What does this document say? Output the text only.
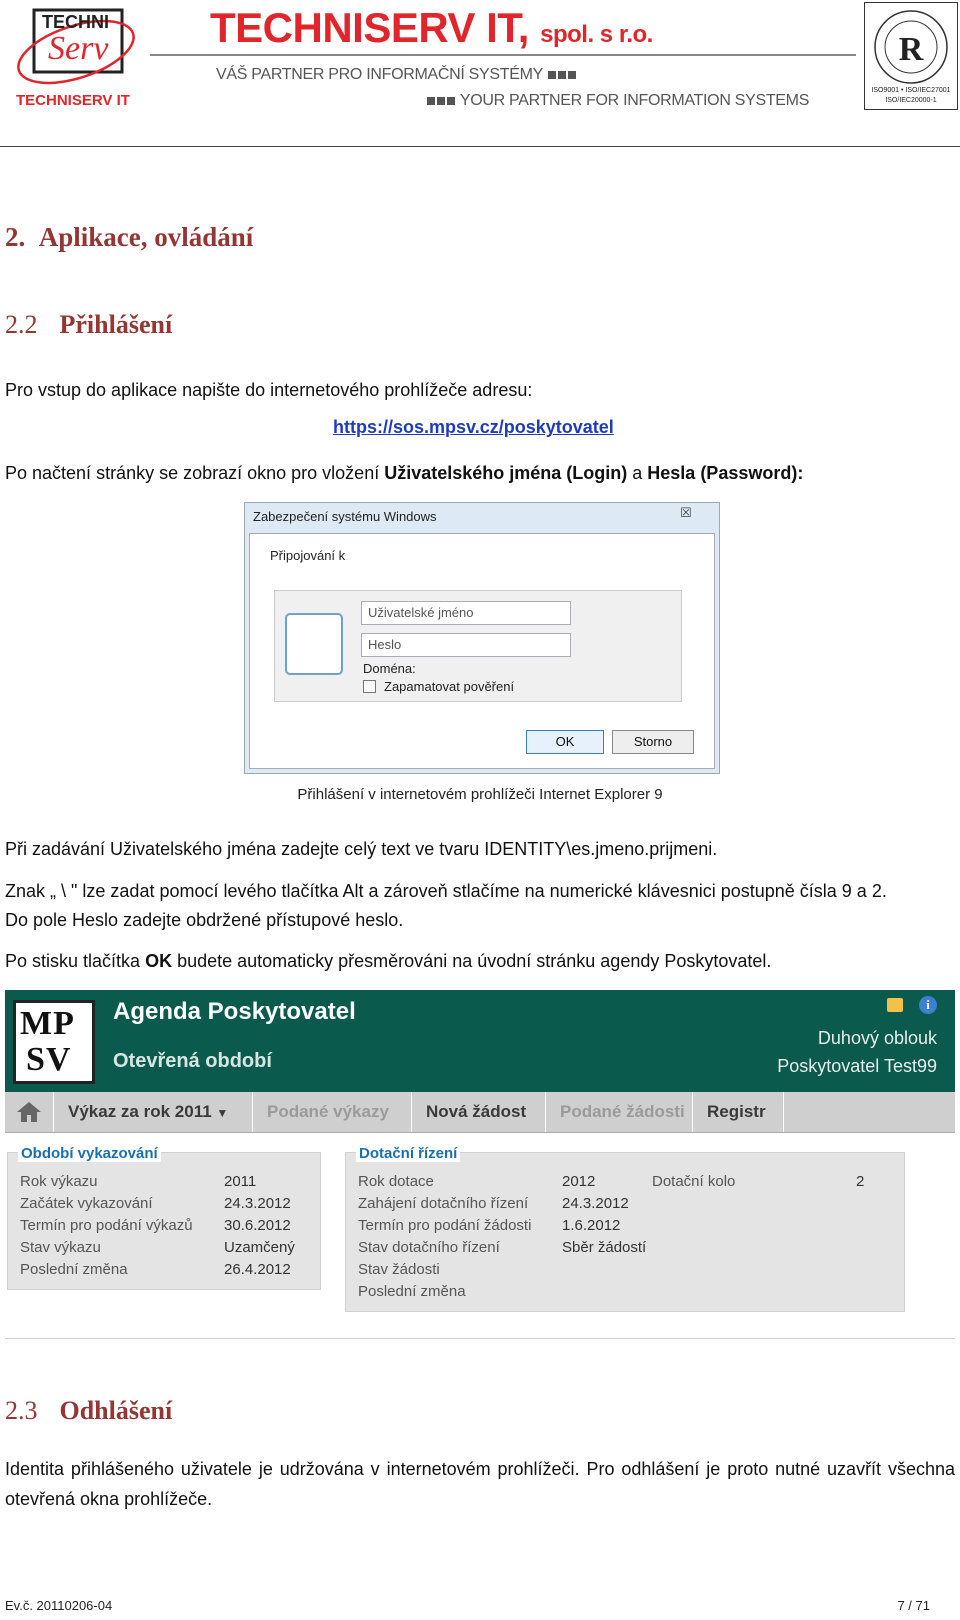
TECHNI
Serv
TECHNISERV IT
TECHNISERV IT, spol. s r.o.
VÁŠ PARTNER PRO INFORMAČNÍ SYSTÉMY
YOUR PARTNER FOR INFORMATION SYSTEMS
R
ISO9001 • ISO/IEC27001
ISO/IEC20000-1
2. Aplikace, ovládání
2.2 Přihlášení
Pro vstup do aplikace napište do internetového prohlížeče adresu:
https://sos.mpsv.cz/poskytovatel
Po načtení stránky se zobrazí okno pro vložení Uživatelského jména (Login) a Hesla (Password):
Zabezpečení systému Windows	☒
Připojování k
Uživatelské jméno
Heslo
Doména:
Zapamatovat pověření
OK	Storno
Přihlášení v internetovém prohlížeči Internet Explorer 9
Při zadávání Uživatelského jména zadejte celý text ve tvaru IDENTITY\es.jmeno.prijmeni.
Znak „ \ " lze zadat pomocí levého tlačítka Alt a zároveň stlačíme na numerické klávesnici postupně čísla 9 a 2.
Do pole Heslo zadejte obdržené přístupové heslo.
Po stisku tlačítka OK budete automaticky přesměrováni na úvodní stránku agendy Poskytovatel.
MP
SV
Agenda Poskytovatel
Otevřená období
i
Duhový oblouk
Poskytovatel Test99
Výkaz za rok 2011 ▼	Podané výkazy	Nová žádost	Podané žádosti	Registr
Období vykazování
Rok výkazu	2011
Začátek vykazování	24.3.2012
Termín pro podání výkazů 30.6.2012
Stav výkazu	Uzamčený
Poslední změna	26.4.2012
Dotační řízení
Rok dotace	2012	Dotační kolo	2
Zahájení dotačního řízení 24.3.2012
Termín pro podání žádosti 1.6.2012
Stav dotačního řízení	Sběr žádostí
Stav žádosti
Poslední změna
2.3 Odhlášení
Identita přihlášeného uživatele je udržována v internetovém prohlížeči. Pro odhlášení je proto nutné uzavřít všechna otevřená okna prohlížeče.
Ev.č. 20110206-04	7 / 71
